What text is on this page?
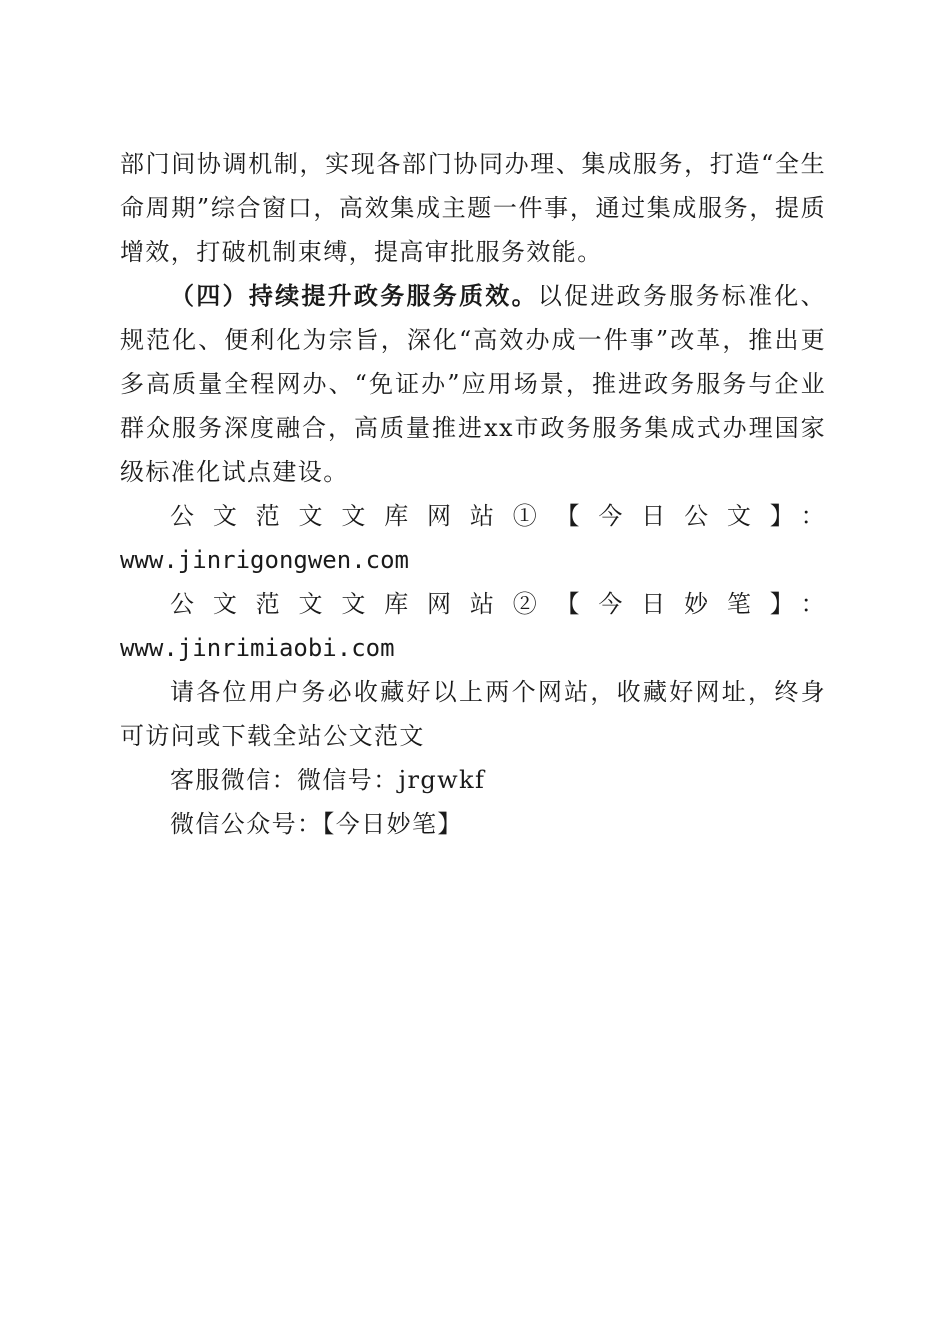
部门间协调机制，实现各部门协同办理、集成服务，打造“全生命周期”综合窗口，高效集成主题一件事，通过集成服务，提质增效，打破机制束缚，提高审批服务效能。

（四）持续提升政务服务质效。以促进政务服务标准化、规范化、便利化为宗旨，深化“高效办成一件事”改革，推出更多高质量全程网办、“免证办”应用场景，推进政务服务与企业群众服务深度融合，高质量推进xx市政务服务集成式办理国家级标准化试点建设。

公文范文文库网站①【今日公文】：

www.jinrigongwen.com

公文范文文库网站②【今日妙笔】：www.jinrimiaobi.com

请各位用户务必收藏好以上两个网站，收藏好网址，终身可访问或下载全站公文范文

客服微信：微信号：jrgwkf

微信公众号：【今日妙笔】
